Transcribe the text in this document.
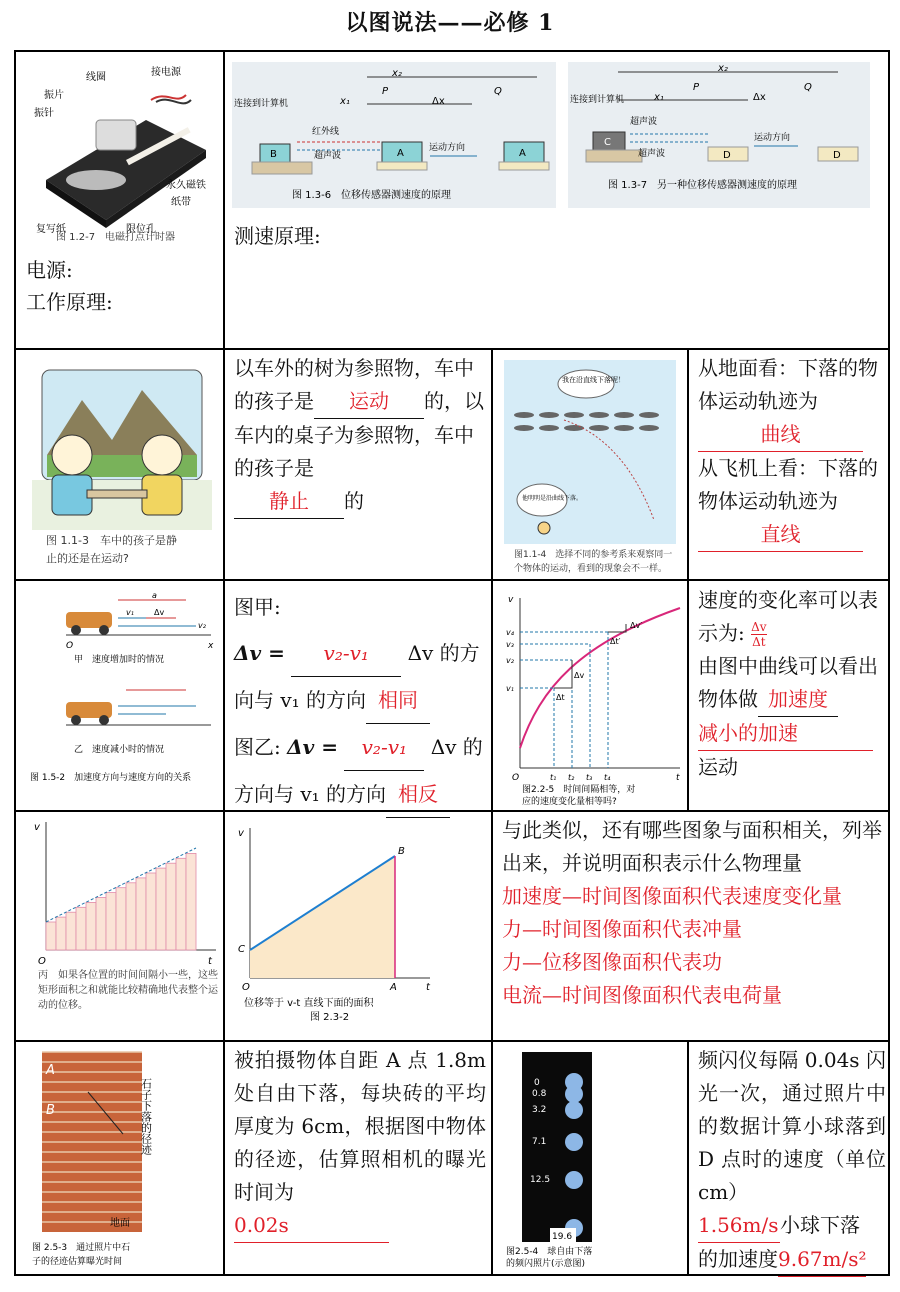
以图说法——必修 1
线圈	接电源
振片
振针
永久磁铁
纸带
限位孔
复写纸
图 1.2-7　电磁打点计时器
电源:
工作原理:
x₂
x₁
P	Q
Δx
连接到计算机
B
红外线
超声波	A	运动方向	A
图 1.3-6　位移传感器测速度的原理
x₂
x₁
P	Q
Δx
连接到计算机
C
超声波
超声波	D
运动方向
D
图 1.3-7　另一种位移传感器测速度的原理
测速原理:
图 1.1-3　车中的孩子是静
止的还是在运动?
以车外的树为参照物，车中的孩子是 运动 的，以车内的桌子为参照物，车中的孩子是
静止 的
我在沿直线下落呢！
他明明是沿曲线下落。
图1.1-4　选择不同的参考系来观察同一
个物体的运动，看到的现象会不一样。
从地面看：下落的物体运动轨迹为
曲线
从飞机上看：下落的物体运动轨迹为
直线
a
v₁	Δv
v₂
O	x
甲　速度增加时的情况
乙　速度减小时的情况
图 1.5-2　加速度方向与速度方向的关系
图甲:
Δv = v₂-v₁ Δv 的方
向与 v₁ 的方向 相同
图乙: Δv = v₂-v₁ Δv 的
方向与 v₁ 的方向 相反
v
t
O
v₁
v₂
v₃
v₄
t₁ t₂ t₃ t₄
Δv
Δt
Δv′
Δt′
图2.2-5　时间间隔相等，对
应的速度变化量相等吗?
速度的变化率可以表示为: $\frac{\Delta v}{\Delta t}$

由图中曲线可以看出物体做 加速度
减小的加速
运动
v
t
O
丙　如果各位置的时间间隔小一些，这些矩形面积之和就能比较精确地代表整个运动的位移。
v
t
O	A
B
C
位移等于 v-t 直线下面的面积
图 2.3-2
与此类似，还有哪些图象与面积相关，列举出来，并说明面积表示什么物理量
加速度—时间图像面积代表速度变化量
力—时间图像面积代表冲量
力—位移图像面积代表功
电流—时间图像面积代表电荷量
A
B	石子下落的径迹
地面
图 2.5-3　通过照片中石
子的径迹估算曝光时间
被拍摄物体自距 A 点 1.8m 处自由下落，每块砖的平均厚度为 6cm，根据图中物体的径迹，估算照相机的曝光时间为
0.02s
0
0.8
3.2
7.1
12.5
19.6
图2.5-4　球自由下落
的频闪照片(示意图)
频闪仪每隔 0.04s 闪光一次，通过照片中的数据计算小球落到 D 点时的速度（单位 cm）
1.56m/s小球下落
的加速度9.67m/s²
